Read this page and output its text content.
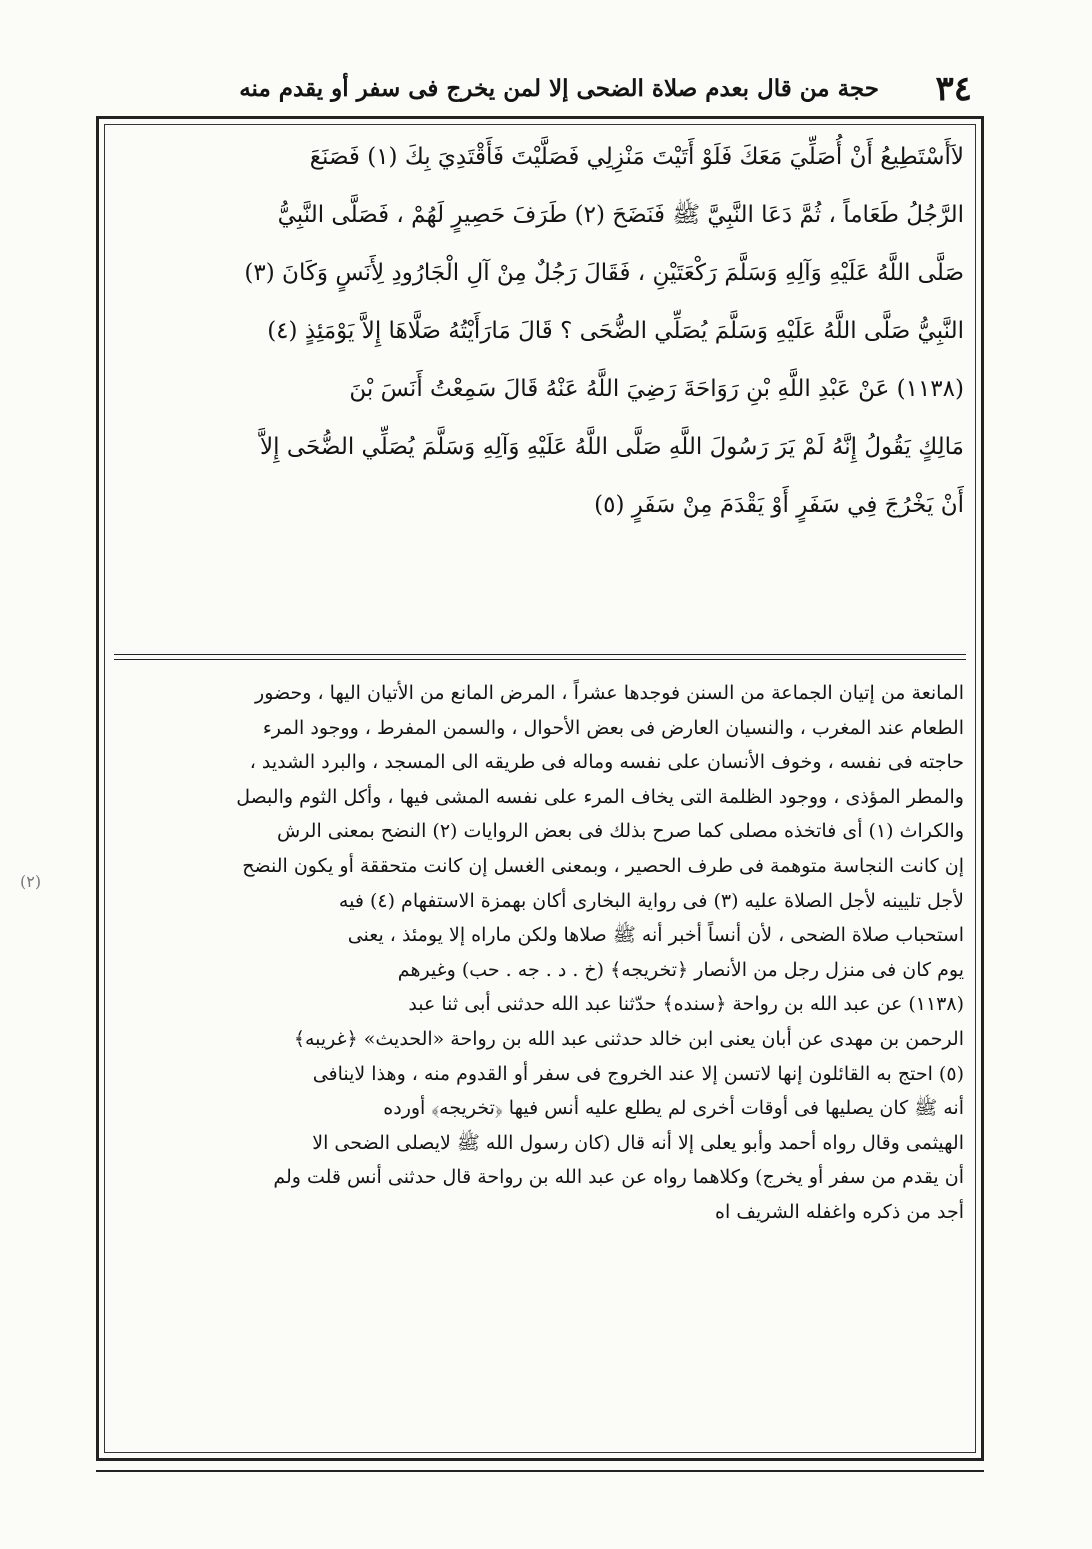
٣٤
حجة من قال بعدم صلاة الضحى إلا لمن يخرج فى سفر أو يقدم منه
لاَأَسْتَطِيعُ أَنْ أُصَلِّيَ مَعَكَ فَلَوْ أَتَيْتَ مَنْزِلِي فَصَلَّيْتَ فَأَقْتَدِيَ بِكَ (١) فَصَنَعَ
الرَّجُلُ طَعَاماً ، ثُمَّ دَعَا النَّبِيَّ ﷺ فَنَضَحَ (٢) طَرَفَ حَصِيرٍ لَهُمْ ، فَصَلَّى النَّبِيُّ
صَلَّى اللَّهُ عَلَيْهِ وَآلِهِ وَسَلَّمَ رَكْعَتَيْنِ ، فَقَالَ رَجُلٌ مِنْ آلِ الْجَارُودِ لِأَنَسٍ وَكَانَ (٣)
النَّبِيُّ صَلَّى اللَّهُ عَلَيْهِ وَسَلَّمَ يُصَلِّي الضُّحَى ؟ قَالَ مَارَأَيْتُهُ صَلَّاهَا إِلاَّ يَوْمَئِذٍ (٤)
(١١٣٨) عَنْ عَبْدِ اللَّهِ بْنِ رَوَاحَةَ رَضِيَ اللَّهُ عَنْهُ قَالَ سَمِعْتُ أَنَسَ بْنَ
مَالِكٍ يَقُولُ إِنَّهُ لَمْ يَرَ رَسُولَ اللَّهِ صَلَّى اللَّهُ عَلَيْهِ وَآلِهِ وَسَلَّمَ يُصَلِّي الضُّحَى إِلاَّ
أَنْ يَخْرُجَ فِي سَفَرٍ أَوْ يَقْدَمَ مِنْ سَفَرٍ (٥)
المانعة من إتيان الجماعة من السنن فوجدها عشراً ، المرض المانع من الأتيان اليها ، وحضور
الطعام عند المغرب ، والنسيان العارض فى بعض الأحوال ، والسمن المفرط ، ووجود المرء
حاجته فى نفسه ، وخوف الأنسان على نفسه وماله فى طريقه الى المسجد ، والبرد الشديد ،
والمطر المؤذى ، ووجود الظلمة التى يخاف المرء على نفسه المشى فيها ، وأكل الثوم والبصل
والكراث (١) أى فاتخذه مصلى كما صرح بذلك فى بعض الروايات (٢) النضح بمعنى الرش
إن كانت النجاسة متوهمة فى طرف الحصير ، وبمعنى الغسل إن كانت متحققة أو يكون النضح
لأجل تليينه لأجل الصلاة عليه (٣) فى رواية البخارى أكان بهمزة الاستفهام (٤) فيه
استحباب صلاة الضحى ، لأن أنساً أخبر أنه ﷺ صلاها ولكن ماراه إلا يومئذ ، يعنى
يوم كان فى منزل رجل من الأنصار ﴿تخريجه﴾ (خ . د . جه . حب) وغيرهم
(١١٣٨) عن عبد الله بن رواحة ﴿سنده﴾ حدّثنا عبد الله حدثنى أبى ثنا عبد
الرحمن بن مهدى عن أبان يعنى ابن خالد حدثنى عبد الله بن رواحة «الحديث» ﴿غريبه﴾
(٥) احتج به القائلون إنها لاتسن إلا عند الخروج فى سفر أو القدوم منه ، وهذا لاينافى
أنه ﷺ كان يصليها فى أوقات أخرى لم يطلع عليه أنس فيها ﴿تخريجه﴾ أورده
الهيثمى وقال رواه أحمد وأبو يعلى إلا أنه قال (كان رسول الله ﷺ لايصلى الضحى الا
أن يقدم من سفر أو يخرج) وكلاهما رواه عن عبد الله بن رواحة قال حدثنى أنس قلت ولم
أجد من ذكره واغفله الشريف اه
(٢)
